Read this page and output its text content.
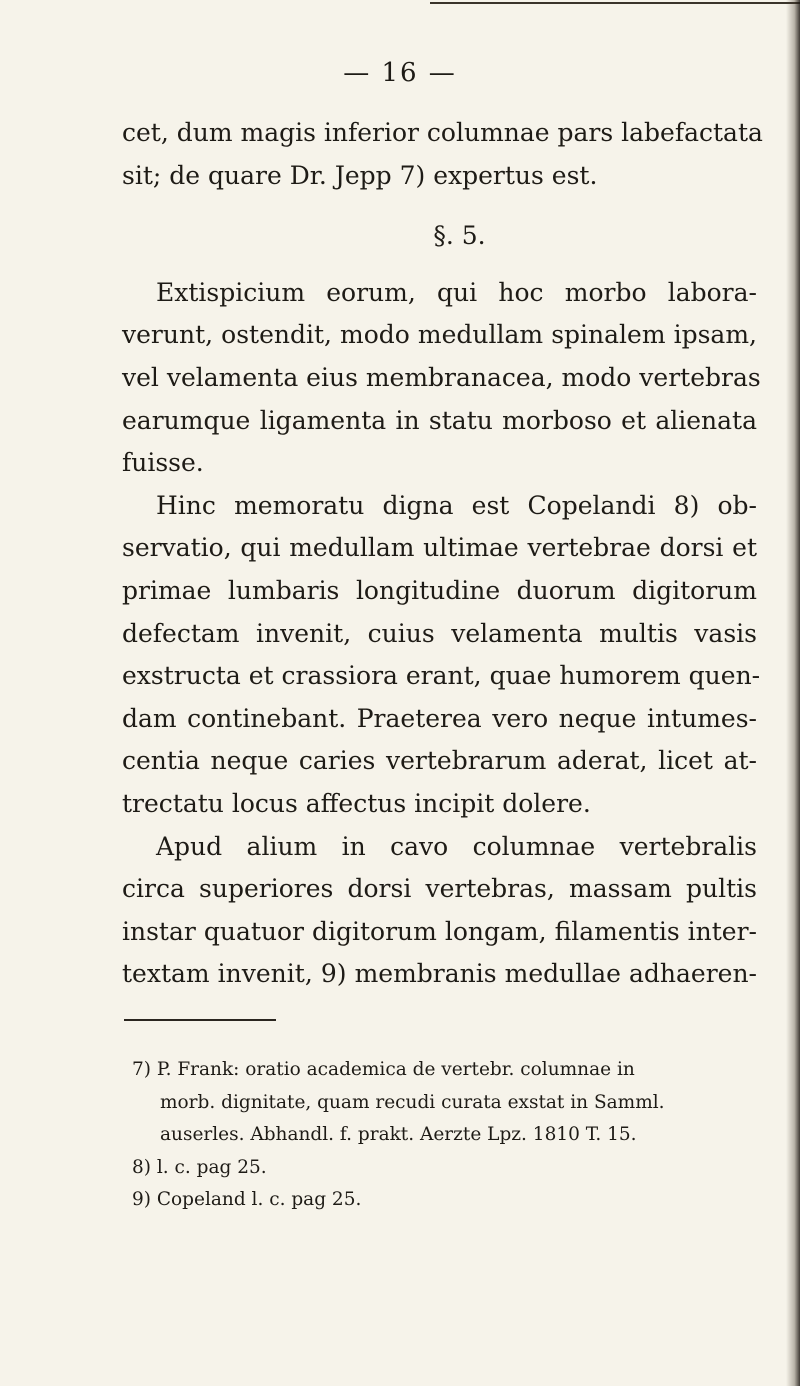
— 16 —
cet, dum magis inferior columnae pars labefactata
sit; de quare Dr. Jepp 7) expertus est.
§. 5.
Extispicium eorum, qui hoc morbo labora-
verunt, ostendit, modo medullam spinalem ipsam,
vel velamenta eius membranacea, modo vertebras
earumque ligamenta in statu morboso et alienata
fuisse.
Hinc memoratu digna est Copelandi 8) ob-
servatio, qui medullam ultimae vertebrae dorsi et
primae lumbaris longitudine duorum digitorum
defectam invenit, cuius velamenta multis vasis
exstructa et crassiora erant, quae humorem quen-
dam continebant. Praeterea vero neque intumes-
centia neque caries vertebrarum aderat, licet at-
trectatu locus affectus incipit dolere.
Apud alium in cavo columnae vertebralis
circa superiores dorsi vertebras, massam pultis
instar quatuor digitorum longam, filamentis inter-
textam invenit, 9) membranis medullae adhaeren-
7) P. Frank: oratio academica de vertebr. columnae in
morb. dignitate, quam recudi curata exstat in Samml.
auserles. Abhandl. f. prakt. Aerzte Lpz. 1810 T. 15.
8) l. c. pag 25.
9) Copeland l. c. pag 25.
